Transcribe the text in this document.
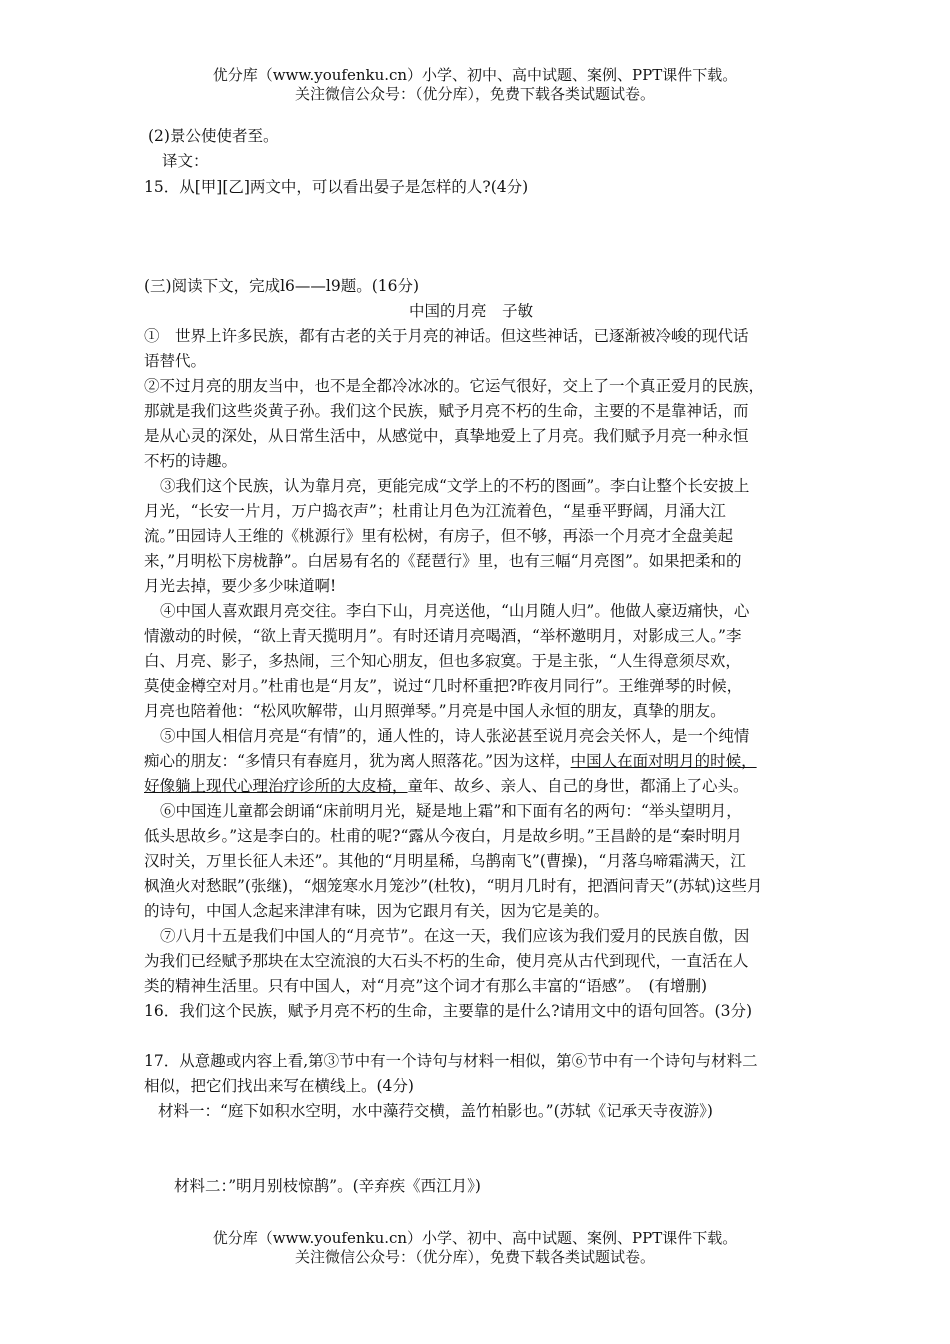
优分库（www.youfenku.cn）小学、初中、高中试题、案例、PPT课件下载。
关注微信公众号：（优分库），免费下载各类试题试卷。
(2)景公使使者至。
译文：
15．从[甲][乙]两文中，可以看出晏子是怎样的人?(4分)
(三)阅读下文，完成l6——l9题。(16分)
中国的月亮　子敏
①　世界上许多民族，都有古老的关于月亮的神话。但这些神话，已逐渐被冷峻的现代话
语替代。
②不过月亮的朋友当中，也不是全都冷冰冰的。它运气很好，交上了一个真正爱月的民族，
那就是我们这些炎黄子孙。我们这个民族，赋予月亮不朽的生命，主要的不是靠神话，而
是从心灵的深处，从日常生活中，从感觉中，真挚地爱上了月亮。我们赋予月亮一种永恒
不朽的诗趣。
③我们这个民族，认为靠月亮，更能完成“文学上的不朽的图画”。李白让整个长安披上
月光，“长安一片月，万户捣衣声”；杜甫让月色为江流着色，“星垂平野阔，月涌大江
流。”田园诗人王维的《桃源行》里有松树，有房子，但不够，再添一个月亮才全盘美起
来，”月明松下房栊静”。白居易有名的《琵琶行》里，也有三幅“月亮图”。如果把柔和的
月光去掉，要少多少味道啊!
④中国人喜欢跟月亮交往。李白下山，月亮送他，“山月随人归”。他做人豪迈痛快，心
情激动的时候，“欲上青天揽明月”。有时还请月亮喝酒，“举杯邀明月，对影成三人。”李
白、月亮、影子，多热闹，三个知心朋友，但也多寂寞。于是主张，“人生得意须尽欢，
莫使金樽空对月。”杜甫也是“月友”，说过“几时杯重把?昨夜月同行”。王维弹琴的时候，
月亮也陪着他：“松风吹解带，山月照弹琴。”月亮是中国人永恒的朋友，真挚的朋友。
⑤中国人相信月亮是“有情”的，通人性的，诗人张泌甚至说月亮会关怀人，是一个纯情
痴心的朋友：“多情只有春庭月，犹为离人照落花。”因为这样，中国人在面对明月的时候，
好像躺上现代心理治疗诊所的大皮椅，童年、故乡、亲人、自己的身世，都涌上了心头。
⑥中国连儿童都会朗诵“床前明月光，疑是地上霜”和下面有名的两句：“举头望明月，
低头思故乡。”这是李白的。杜甫的呢?“露从今夜白，月是故乡明。”王昌龄的是“秦时明月
汉时关，万里长征人未还”。其他的“月明星稀，乌鹊南飞”(曹操)，“月落乌啼霜满天，江
枫渔火对愁眠”(张继)，“烟笼寒水月笼沙”(杜牧)，“明月几时有，把酒问青天”(苏轼)这些月
的诗句，中国人念起来津津有味，因为它跟月有关，因为它是美的。
⑦八月十五是我们中国人的“月亮节”。在这一天，我们应该为我们爱月的民族自傲，因
为我们已经赋予那块在太空流浪的大石头不朽的生命，使月亮从古代到现代，一直活在人
类的精神生活里。只有中国人，对“月亮”这个词才有那么丰富的“语感”。　(有增删)
16．我们这个民族，赋予月亮不朽的生命，主要靠的是什么?请用文中的语句回答。(3分)
17．从意趣或内容上看,第③节中有一个诗句与材料一相似，第⑥节中有一个诗句与材料二
相似，把它们找出来写在横线上。(4分)
材料一：“庭下如积水空明，水中藻荇交横，盖竹柏影也。”(苏轼《记承天寺夜游》)
材料二：”明月别枝惊鹊”。(辛弃疾《西江月》)
优分库（www.youfenku.cn）小学、初中、高中试题、案例、PPT课件下载。
关注微信公众号：（优分库），免费下载各类试题试卷。
